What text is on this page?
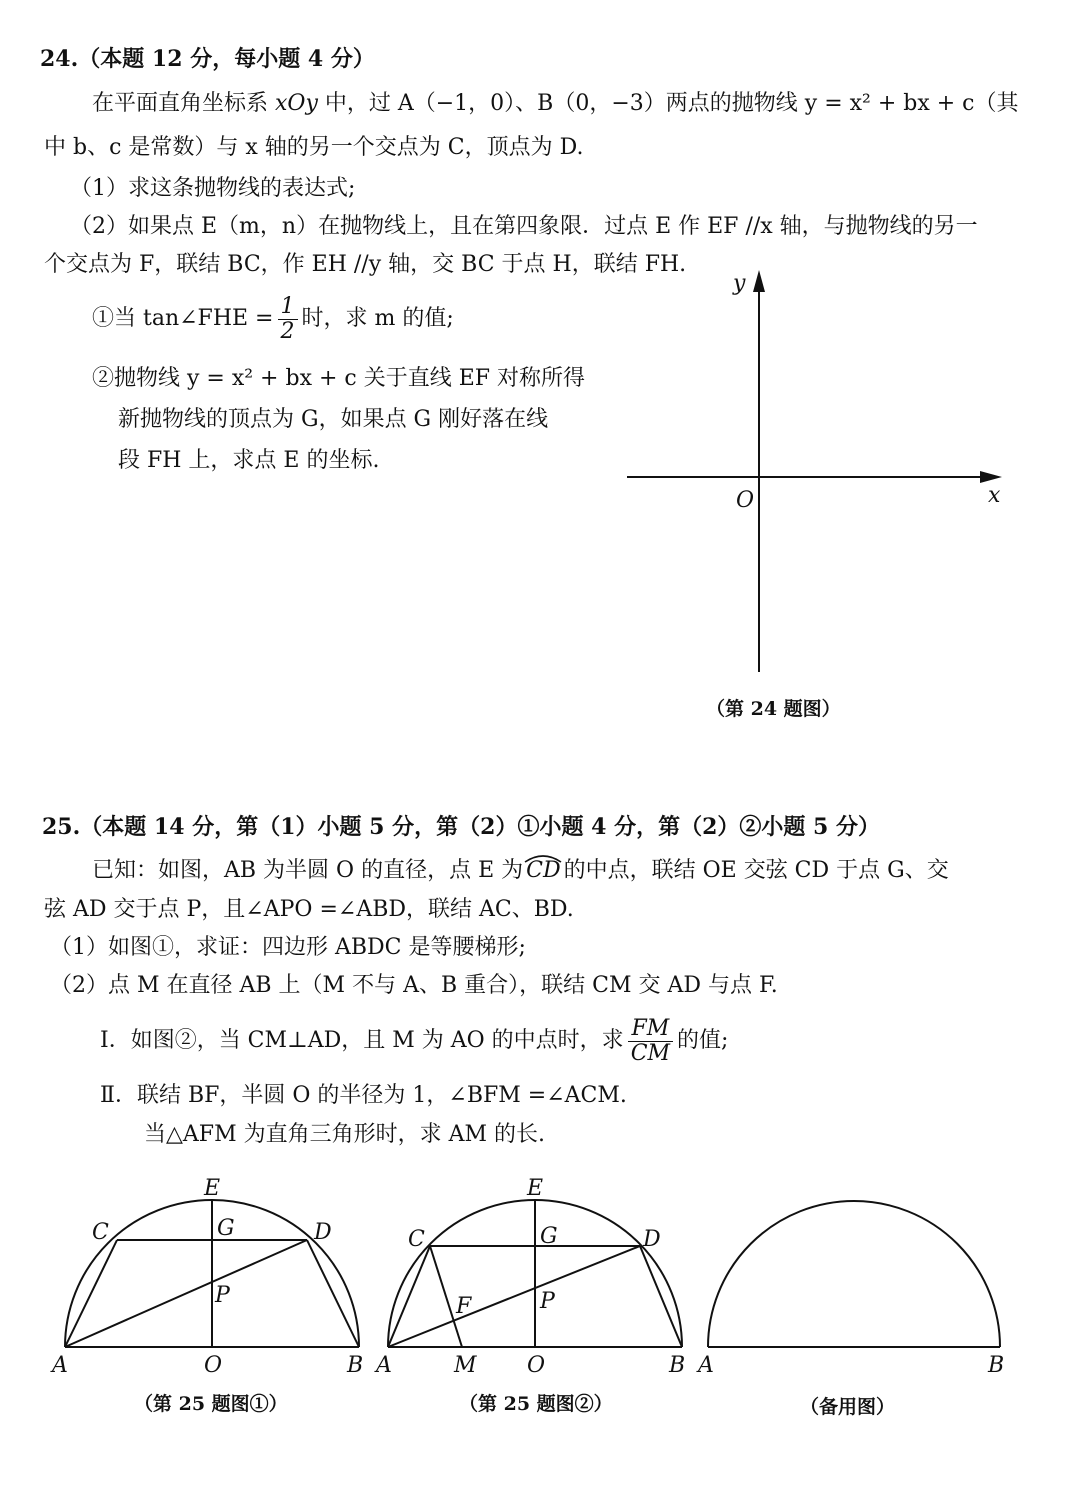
24.（本题 12 分，每小题 4 分）
在平面直角坐标系 xOy 中，过 A（−1，0）、B（0，−3）两点的抛物线 y = x² + bx + c（其
中 b、c 是常数）与 x 轴的另一个交点为 C，顶点为 D.
（1）求这条抛物线的表达式;
（2）如果点 E（m，n）在抛物线上，且在第四象限．过点 E 作 EF //x 轴，与抛物线的另一
个交点为 F，联结 BC，作 EH //y 轴，交 BC 于点 H，联结 FH.
①当 tan∠FHE = $\frac{1}{2}$ 时，求 m 的值;
②抛物线 y = x² + bx + c 关于直线 EF 对称所得
新抛物线的顶点为 G，如果点 G 刚好落在线
段 FH 上，求点 E 的坐标.
y
x
O
（第 24 题图）
25.（本题 14 分，第（1）小题 5 分，第（2）①小题 4 分，第（2）②小题 5 分）
已知：如图，AB 为半圆 O 的直径，点 E 为 CD 的中点，联结 OE 交弦 CD 于点 G、交
弦 AD 交于点 P，且∠APO =∠ABD，联结 AC、BD.
（1）如图①，求证：四边形 ABDC 是等腰梯形;
（2）点 M 在直径 AB 上（M 不与 A、B 重合），联结 CM 交 AD 与点 F.
Ⅰ．如图②，当 CM⊥AD，且 M 为 AO 的中点时，求 $\frac{FM}{CM}$ 的值;
Ⅱ．联结 BF，半圆 O 的半径为 1，∠BFM =∠ACM.
当△AFM 为直角三角形时，求 AM 的长.
E
C	G	D
P
A	O	B
（第 25 题图①）
E
C	G	D
F	P
A	M O	B
（第 25 题图②）
A	B
（备用图）
